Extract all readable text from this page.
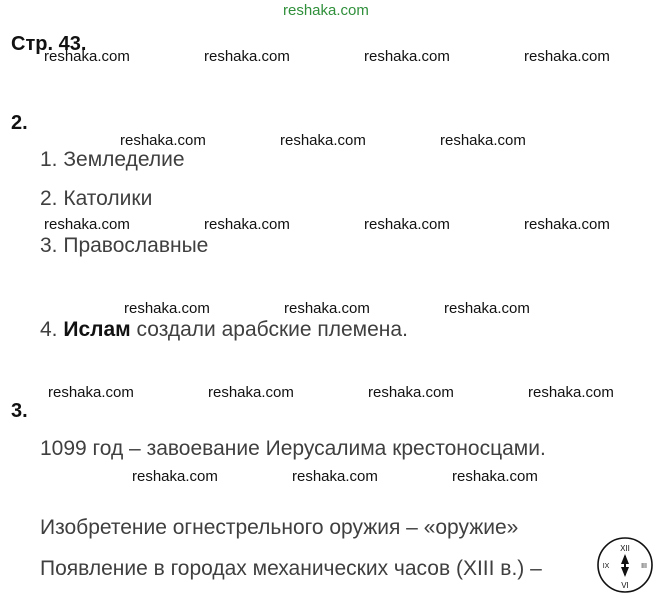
reshaka.com
Стр. 43.
reshaka.com	reshaka.com	reshaka.com	reshaka.com
2.
reshaka.com	reshaka.com	reshaka.com
1. Земледелие
2. Католики
reshaka.com	reshaka.com	reshaka.com	reshaka.com
3. Православные
reshaka.com	reshaka.com	reshaka.com
4. Ислам создали арабские племена.
reshaka.com	reshaka.com	reshaka.com	reshaka.com
3.
1099 год – завоевание Иерусалима крестоносцами.
reshaka.com	reshaka.com	reshaka.com
Изобретение огнестрельного оружия – «оружие»
Появление в городах механических часов (XIII в.) –
XII
VI
IX	III
